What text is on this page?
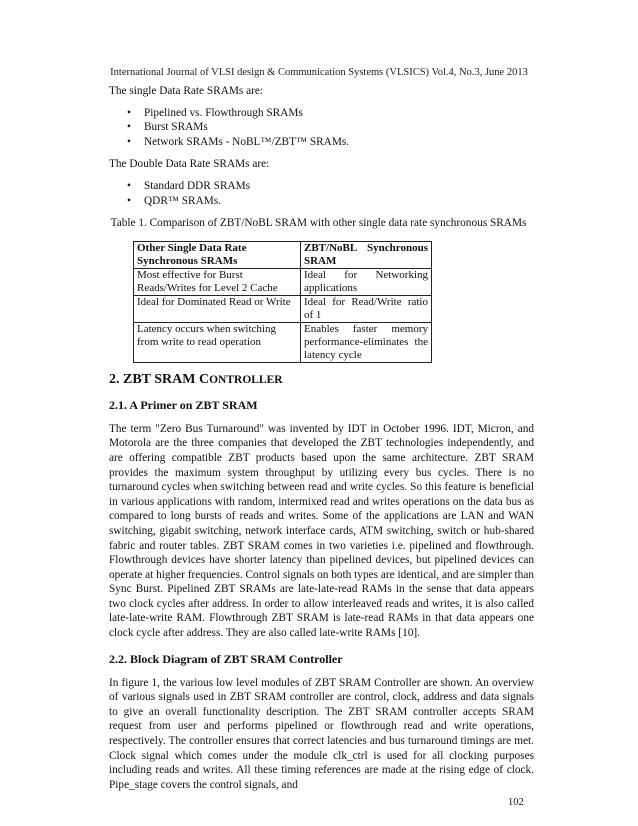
International Journal of VLSI design & Communication Systems (VLSICS) Vol.4, No.3, June 2013

The single Data Rate SRAMs are:

• Pipelined vs. Flowthrough SRAMs
• Burst SRAMs
• Network SRAMs - NoBL™/ZBT™ SRAMs.

The Double Data Rate SRAMs are:

• Standard DDR SRAMs
• QDR™ SRAMs.

Table 1. Comparison of ZBT/NoBL SRAM with other single data rate synchronous SRAMs

Other Single Data Rate Synchronous SRAMs	ZBT/NoBL Synchronous SRAM
Most effective for Burst Reads/Writes for Level 2 Cache	Ideal for Networking applications
Ideal for Dominated Read or Write	Ideal for Read/Write ratio of 1
Latency occurs when switching from write to read operation	Enables faster memory performance-eliminates the latency cycle
2. ZBT SRAM CONTROLLER
2.1. A Primer on ZBT SRAM

The term "Zero Bus Turnaround" was invented by IDT in October 1996. IDT, Micron, and Motorola are the three companies that developed the ZBT technologies independently, and are offering compatible ZBT products based upon the same architecture. ZBT SRAM provides the maximum system throughput by utilizing every bus cycles. There is no turnaround cycles when switching between read and write cycles. So this feature is beneficial in various applications with random, intermixed read and writes operations on the data bus as compared to long bursts of reads and writes. Some of the applications are LAN and WAN switching, gigabit switching, network interface cards, ATM switching, switch or hub-shared fabric and router tables. ZBT SRAM comes in two varieties i.e. pipelined and flowthrough. Flowthrough devices have shorter latency than pipelined devices, but pipelined devices can operate at higher frequencies. Control signals on both types are identical, and are simpler than Sync Burst. Pipelined ZBT SRAMs are late-late-read RAMs in the sense that data appears two clock cycles after address. In order to allow interleaved reads and writes, it is also called late-late-write RAM. Flowthrough ZBT SRAM is late-read RAMs in that data appears one clock cycle after address. They are also called late-write RAMs [10].

2.2. Block Diagram of ZBT SRAM Controller

In figure 1, the various low level modules of ZBT SRAM Controller are shown. An overview of various signals used in ZBT SRAM controller are control, clock, address and data signals to give an overall functionality description. The ZBT SRAM controller accepts SRAM request from user and performs pipelined or flowthrough read and write operations, respectively. The controller ensures that correct latencies and bus turnaround timings are met. Clock signal which comes under the module clk_ctrl is used for all clocking purposes including reads and writes. All these timing references are made at the rising edge of clock. Pipe_stage covers the control signals, and

102
